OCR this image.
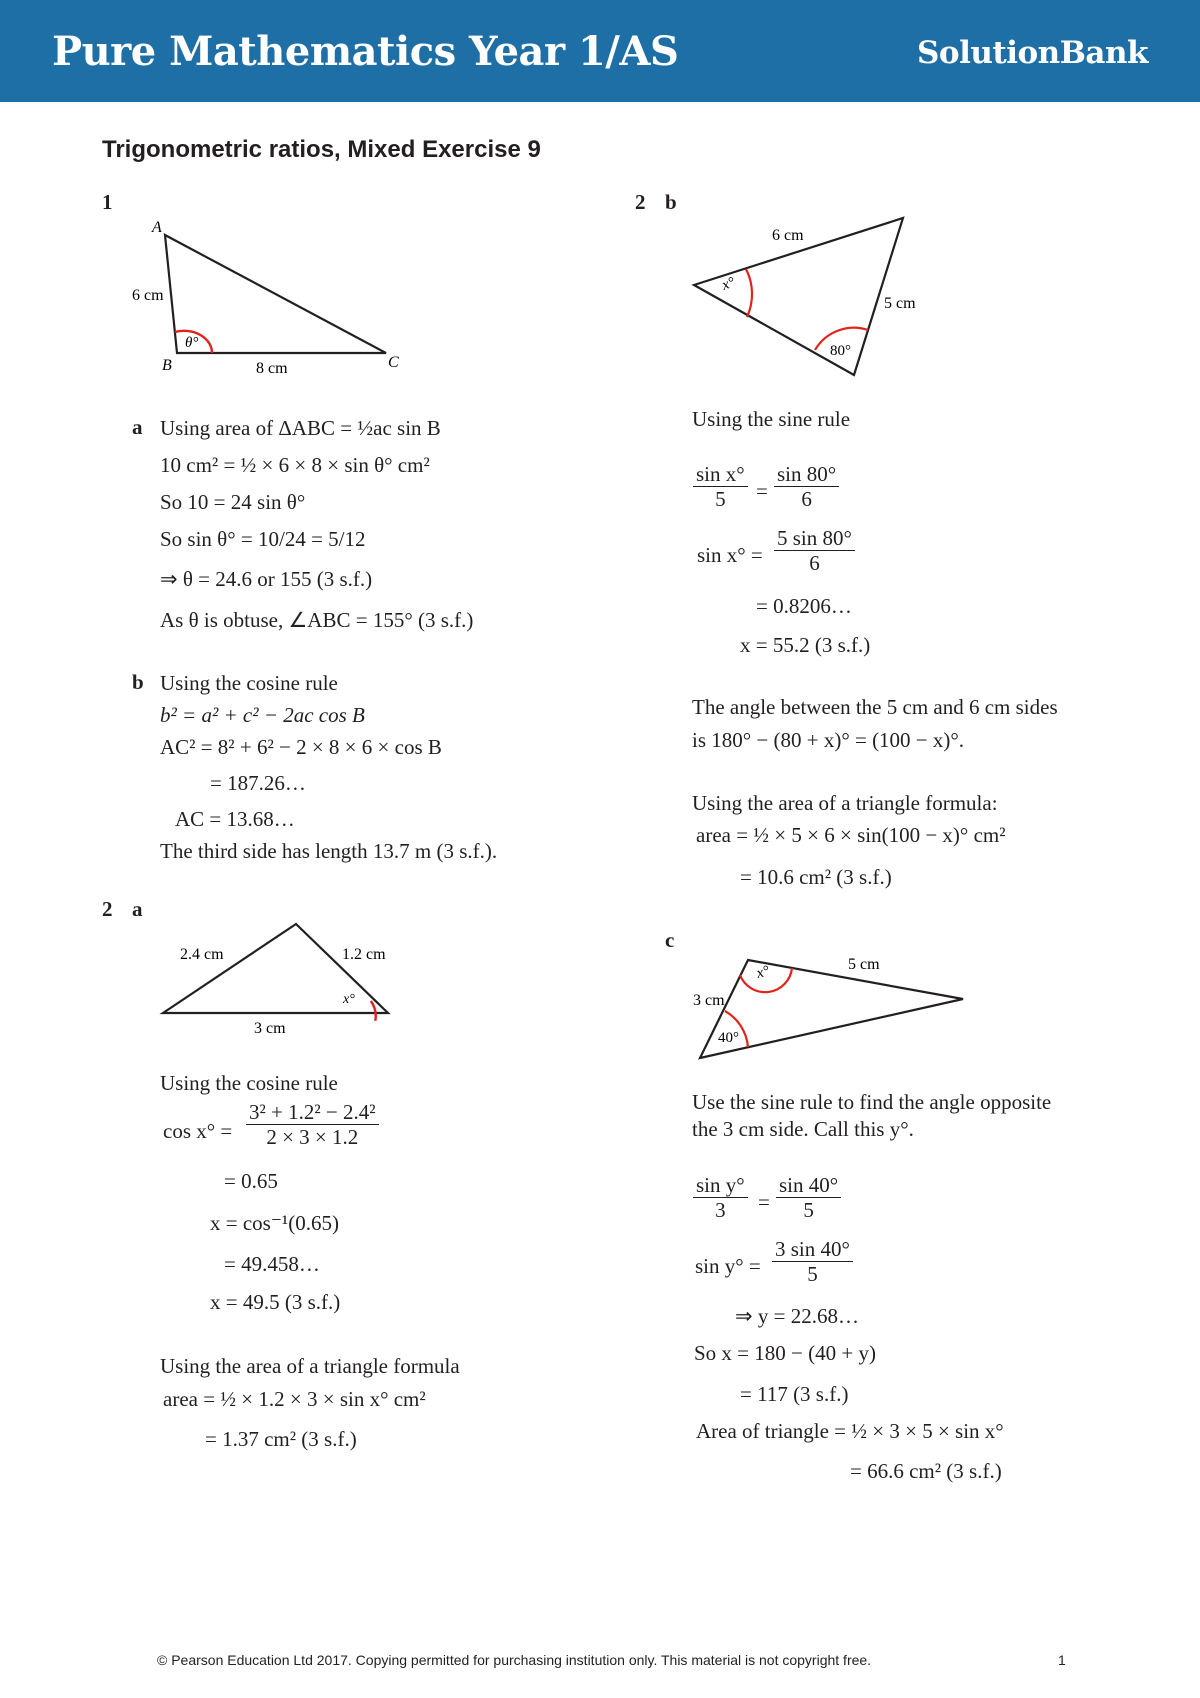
Pure Mathematics Year 1/AS	SolutionBank
Trigonometric ratios, Mixed Exercise 9
1
A
B	C
6 cm
8 cm
θ°
a Using area of ΔABC = ½ac sin B
10 cm² = ½ × 6 × 8 × sin θ° cm²
So 10 = 24 sin θ°
So sin θ° = 10/24 = 5/12
⇒ θ = 24.6 or 155 (3 s.f.)
As θ is obtuse, ∠ABC = 155° (3 s.f.)
b Using the cosine rule
b² = a² + c² − 2ac cos B
AC² = 8² + 6² − 2 × 8 × 6 × cos B
= 187.26…
AC = 13.68…
The third side has length 13.7 m (3 s.f.).
2 a
2.4 cm	1.2 cm
3 cm
x°
Using the cosine rule
$\cos x^\circ = \frac{\text{3² + 1.2² − 2.4²}}{2 \times 3 \times 1.2}$
= 0.65
x = cos⁻¹(0.65)
= 49.458…
x = 49.5 (3 s.f.)
Using the area of a triangle formula
area = ½ × 1.2 × 3 × sin x° cm²
= 1.37 cm² (3 s.f.)
2 b
6 cm
5 cm
x°
80°
Using the sine rule
$\frac{\text{sin x°}}{5} = \frac{\sin 80^\circ}{6}$
$\sin x^\circ = \frac{5 \sin 80^\circ}{6}$
= 0.8206…
x = 55.2 (3 s.f.)
The angle between the 5 cm and 6 cm sides
is 180° − (80 + x)° = (100 − x)°.
Using the area of a triangle formula:
area = ½ × 5 × 6 × sin(100 − x)° cm²
= 10.6 cm² (3 s.f.)
c
5 cm
3 cm
x°
40°
Use the sine rule to find the angle opposite
the 3 cm side. Call this y°.
$\frac{\text{sin y°}}{3} = \frac{\sin 40^\circ}{5}$
$\sin y^\circ = \frac{3 \sin 40^\circ}{5}$
⇒ y = 22.68…
So x = 180 − (40 + y)
= 117 (3 s.f.)
Area of triangle = ½ × 3 × 5 × sin x°
= 66.6 cm² (3 s.f.)
© Pearson Education Ltd 2017. Copying permitted for purchasing institution only. This material is not copyright free.	1
